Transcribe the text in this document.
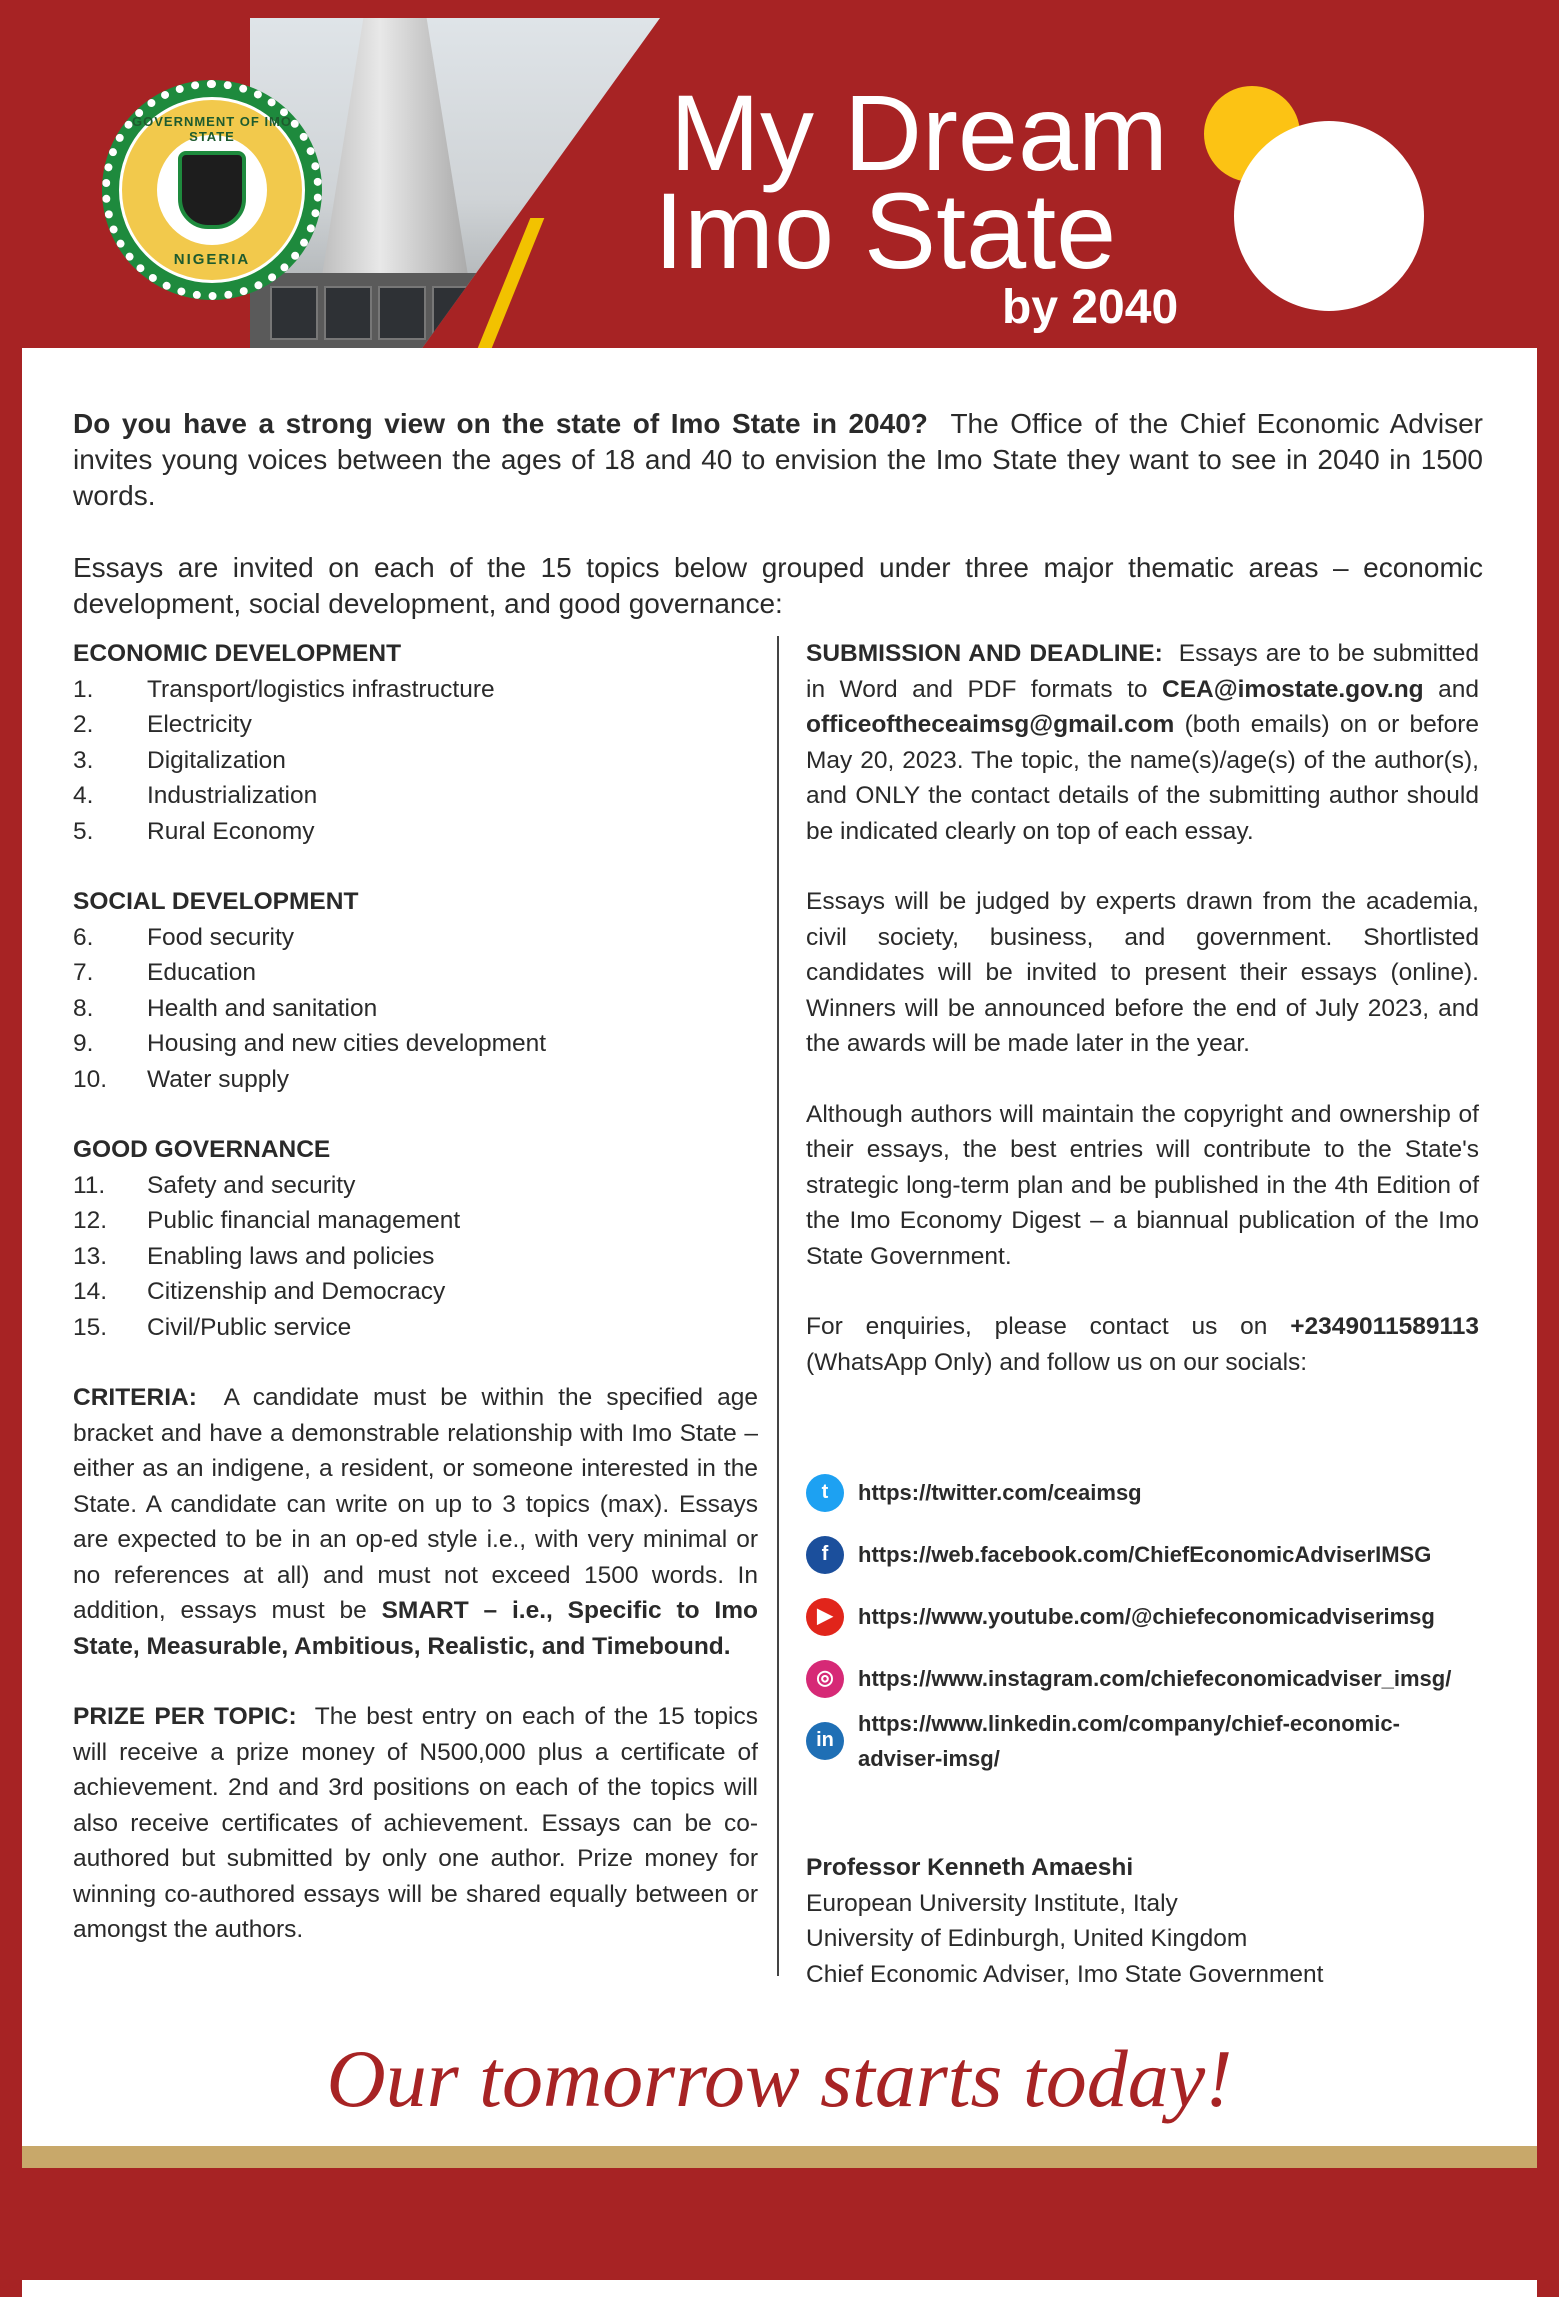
GOVERNMENT OF IMO STATE
NIGERIA
My Dream
Imo State
by 2040

Do you have a strong view on the state of Imo State in 2040? The Office of the Chief Economic Adviser invites young voices between the ages of 18 and 40 to envision the Imo State they want to see in 2040 in 1500 words.

Essays are invited on each of the 15 topics below grouped under three major thematic areas – economic development, social development, and good governance:

ECONOMIC DEVELOPMENT
1.	Transport/logistics infrastructure
2.	Electricity
3.	Digitalization
4.	Industrialization
5.	Rural Economy
SOCIAL DEVELOPMENT
6.	Food security
7.	Education
8.	Health and sanitation
9.	Housing and new cities development
10.	Water supply
GOOD GOVERNANCE
11.	Safety and security
12.	Public financial management
13.	Enabling laws and policies
14.	Citizenship and Democracy
15.	Civil/Public service
CRITERIA: A candidate must be within the specified age bracket and have a demonstrable relationship with Imo State – either as an indigene, a resident, or someone interested in the State. A candidate can write on up to 3 topics (max). Essays are expected to be in an op-ed style i.e., with very minimal or no references at all) and must not exceed 1500 words. In addition, essays must be SMART – i.e., Specific to Imo State, Measurable, Ambitious, Realistic, and Timebound.
PRIZE PER TOPIC: The best entry on each of the 15 topics will receive a prize money of N500,000 plus a certificate of achievement. 2nd and 3rd positions on each of the topics will also receive certificates of achievement. Essays can be co-authored but submitted by only one author. Prize money for winning co-authored essays will be shared equally between or amongst the authors.
SUBMISSION AND DEADLINE: Essays are to be submitted in Word and PDF formats to CEA@imostate.gov.ng and officeoftheceaimsg@gmail.com (both emails) on or before May 20, 2023. The topic, the name(s)/age(s) of the author(s), and ONLY the contact details of the submitting author should be indicated clearly on top of each essay.
Essays will be judged by experts drawn from the academia, civil society, business, and government. Shortlisted candidates will be invited to present their essays (online). Winners will be announced before the end of July 2023, and the awards will be made later in the year.
Although authors will maintain the copyright and ownership of their essays, the best entries will contribute to the State's strategic long-term plan and be published in the 4th Edition of the Imo Economy Digest – a biannual publication of the Imo State Government.
For enquiries, please contact us on +2349011589113 (WhatsApp Only) and follow us on our socials:
t	https://twitter.com/ceaimsg
f	https://web.facebook.com/ChiefEconomicAdviserIMSG
▶	https://www.youtube.com/@chiefeconomicadviserimsg
◎	https://www.instagram.com/chiefeconomicadviser_imsg/
in
https://www.linkedin.com/company/chief-economic-adviser-imsg/
Professor Kenneth Amaeshi
European University Institute, Italy
University of Edinburgh, United Kingdom
Chief Economic Adviser, Imo State Government
Our tomorrow starts today!
